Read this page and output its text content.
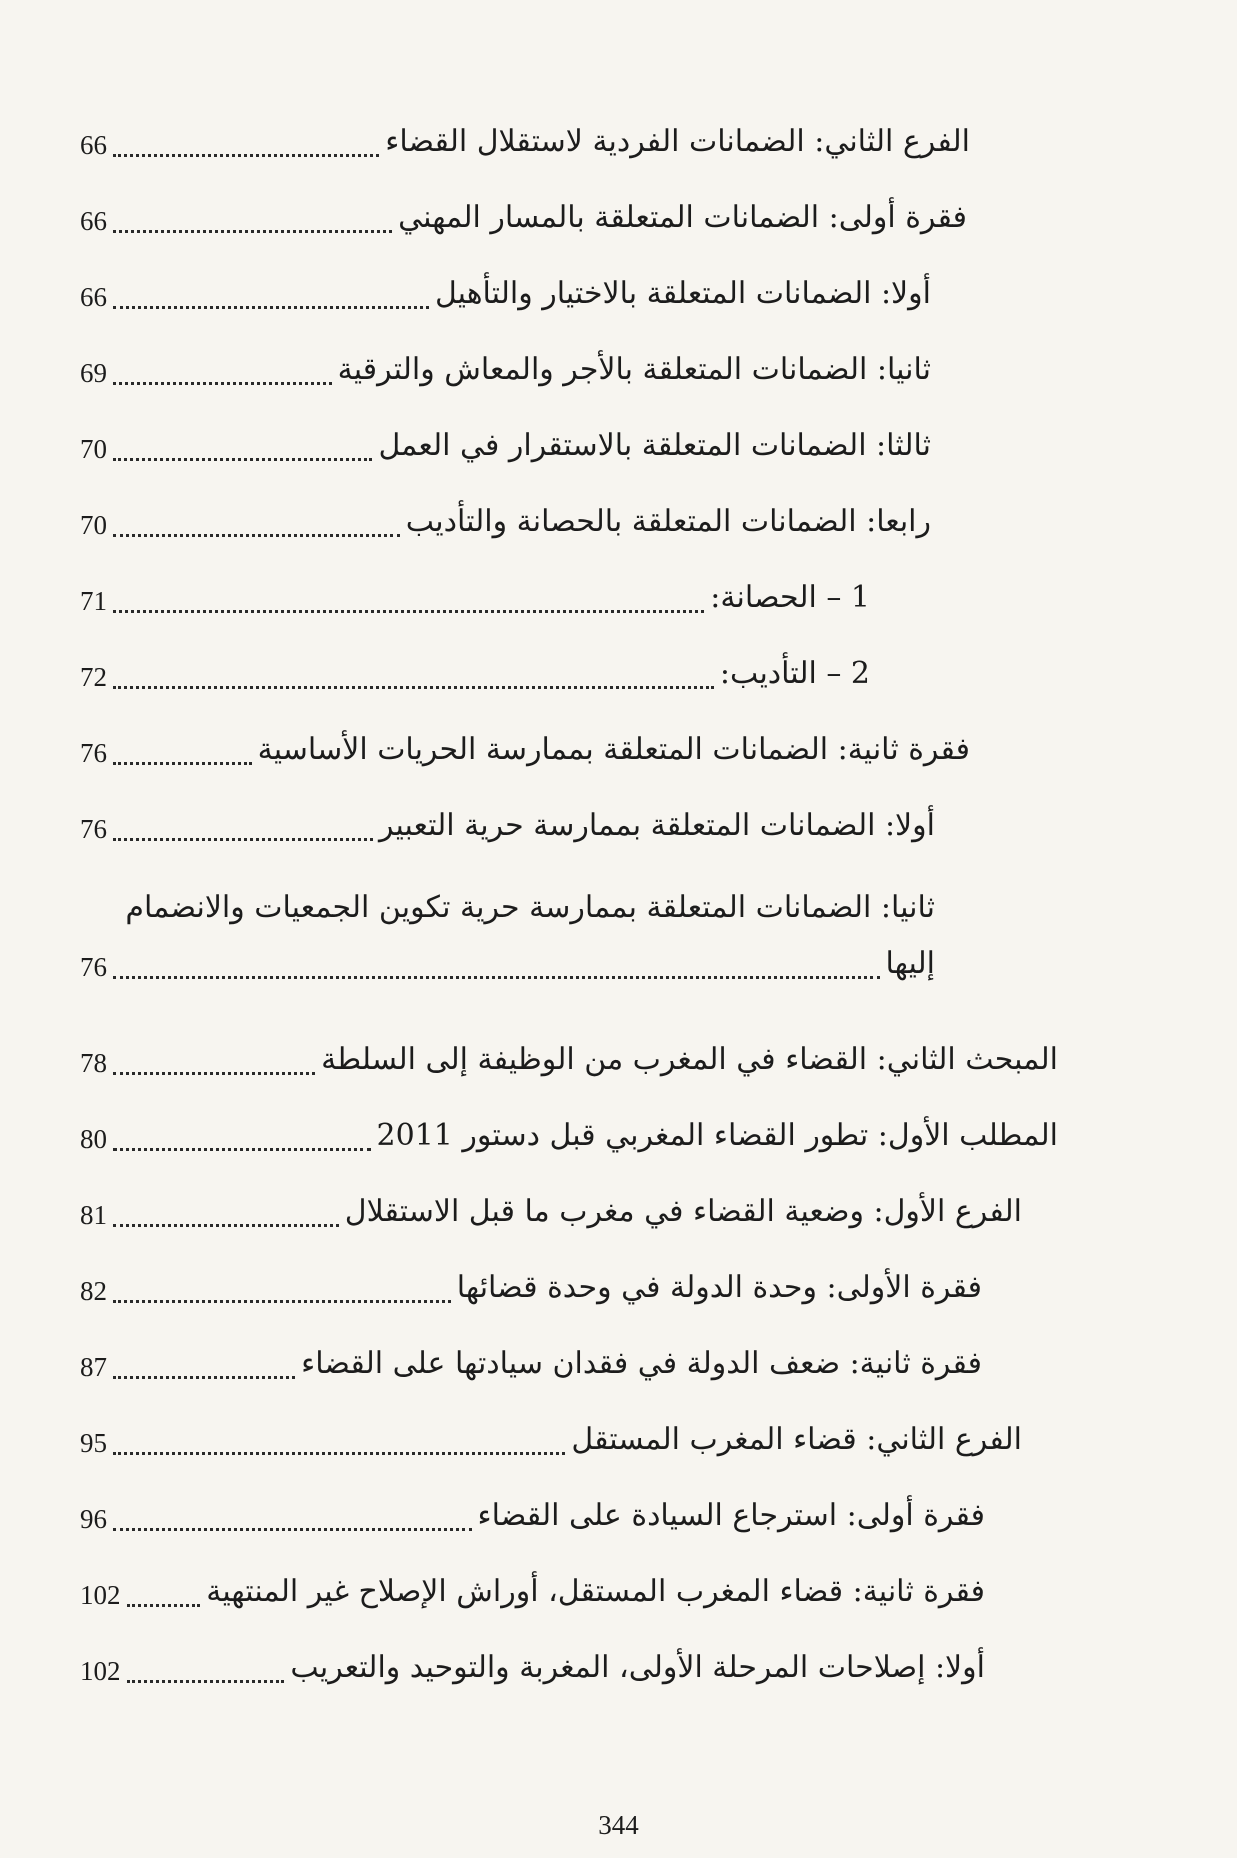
الفرع الثاني: الضمانات الفردية لاستقلال القضاء
66
فقرة أولى: الضمانات المتعلقة بالمسار المهني
66
أولا: الضمانات المتعلقة بالاختيار والتأهيل
66
ثانيا: الضمانات المتعلقة بالأجر والمعاش والترقية
69
ثالثا: الضمانات المتعلقة بالاستقرار في العمل
70
رابعا: الضمانات المتعلقة بالحصانة والتأديب
70
1 – الحصانة:
71
2 – التأديب:
72
فقرة ثانية: الضمانات المتعلقة بممارسة الحريات الأساسية
76
أولا: الضمانات المتعلقة بممارسة حرية التعبير
76
ثانيا: الضمانات المتعلقة بممارسة حرية تكوين الجمعيات والانضمام
إليها
76
المبحث الثاني: القضاء في المغرب من الوظيفة إلى السلطة
78
المطلب الأول: تطور القضاء المغربي قبل دستور 2011
80
الفرع الأول: وضعية القضاء في مغرب ما قبل الاستقلال
81
فقرة الأولى: وحدة الدولة في وحدة قضائها
82
فقرة ثانية: ضعف الدولة في فقدان سيادتها على القضاء
87
الفرع الثاني: قضاء المغرب المستقل
95
فقرة أولى: استرجاع السيادة على القضاء
96
فقرة ثانية: قضاء المغرب المستقل، أوراش الإصلاح غير المنتهية
102
أولا: إصلاحات المرحلة الأولى، المغربة والتوحيد والتعريب
102
344
